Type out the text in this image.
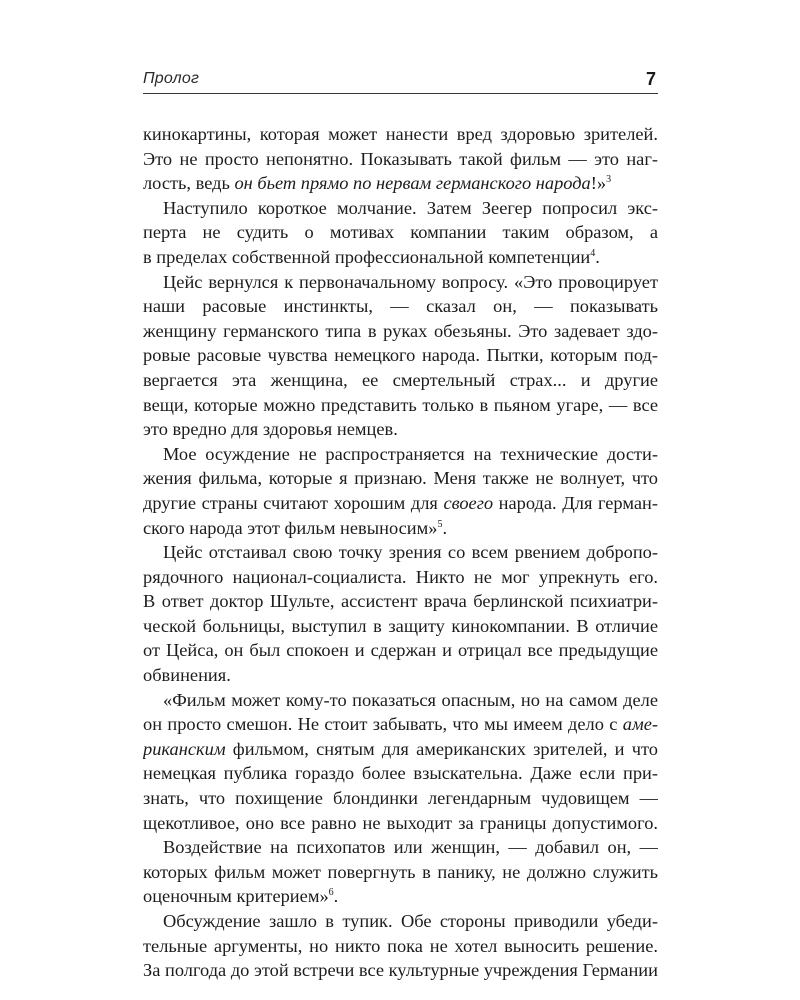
Пролог	7
кинокартины, которая может нанести вред здоровью зрителей.
Это не просто непонятно. Показывать такой фильм — это наг-
лость, ведь он бьет прямо по нервам германского народа!»$^3$
Наступило короткое молчание. Затем Зеегер попросил экс-
перта не судить о мотивах компании таким образом, а
в пределах собственной профессиональной компетенции$^4$.
Цейс вернулся к первоначальному вопросу. «Это провоцирует
наши расовые инстинкты, — сказал он, — показывать
женщину германского типа в руках обезьяны. Это задевает здо-
ровые расовые чувства немецкого народа. Пытки, которым под-
вергается эта женщина, ее смертельный страх... и другие
вещи, которые можно представить только в пьяном угаре, — все
это вредно для здоровья немцев.
Мое осуждение не распространяется на технические дости-
жения фильма, которые я признаю. Меня также не волнует, что
другие страны считают хорошим для своего народа. Для герман-
ского народа этот фильм невыносим»$^5$.
Цейс отстаивал свою точку зрения со всем рвением добропо-
рядочного национал-социалиста. Никто не мог упрекнуть его.
В ответ доктор Шульте, ассистент врача берлинской психиатри-
ческой больницы, выступил в защиту кинокомпании. В отличие
от Цейса, он был спокоен и сдержан и отрицал все предыдущие
обвинения.
«Фильм может кому-то показаться опасным, но на самом деле
он просто смешон. Не стоит забывать, что мы имеем дело с аме-
риканским фильмом, снятым для американских зрителей, и что
немецкая публика гораздо более взыскательна. Даже если при-
знать, что похищение блондинки легендарным чудовищем —
щекотливое, оно все равно не выходит за границы допустимого.
Воздействие на психопатов или женщин, — добавил он, —
которых фильм может повергнуть в панику, не должно служить
оценочным критерием»$^6$.
Обсуждение зашло в тупик. Обе стороны приводили убеди-
тельные аргументы, но никто пока не хотел выносить решение.
За полгода до этой встречи все культурные учреждения Германии
